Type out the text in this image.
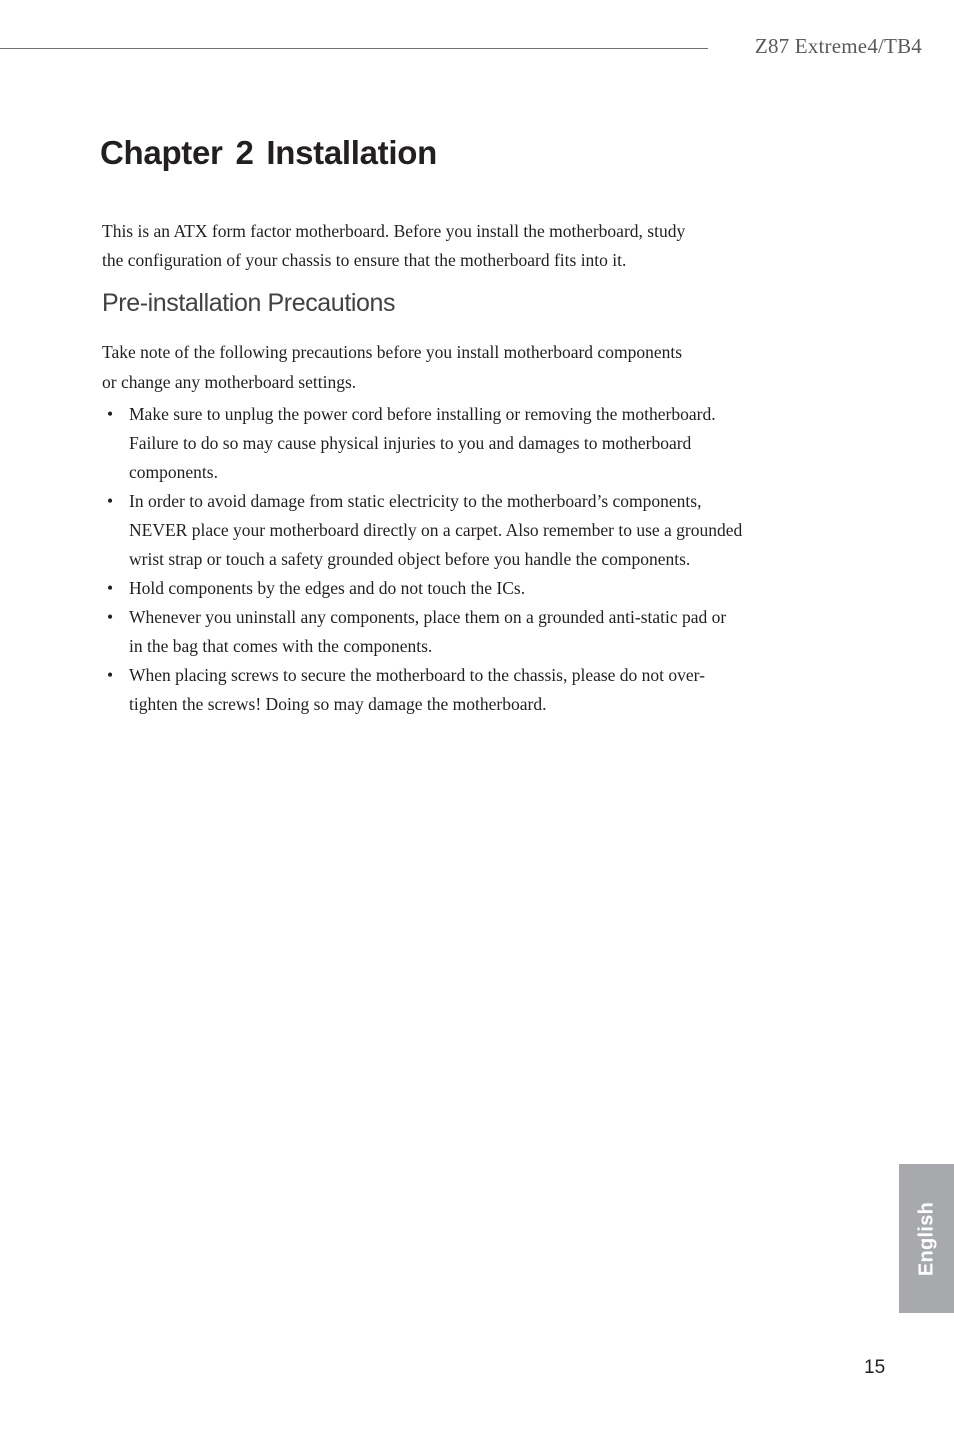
Z87 Extreme4/TB4
Chapter 2 Installation

This is an ATX form factor motherboard. Before you install the motherboard, study
the configuration of your chassis to ensure that the motherboard fits into it.

Pre-installation Precautions

Take note of the following precautions before you install motherboard components
or change any motherboard settings.

• Make sure to unplug the power cord before installing or removing the motherboard.
Failure to do so may cause physical injuries to you and damages to motherboard
components.
• In order to avoid damage from static electricity to the motherboard’s components,
NEVER place your motherboard directly on a carpet. Also remember to use a grounded
wrist strap or touch a safety grounded object before you handle the components.
• Hold components by the edges and do not touch the ICs.
• Whenever you uninstall any components, place them on a grounded anti-static pad or
in the bag that comes with the components.
• When placing screws to secure the motherboard to the chassis, please do not over-
tighten the screws! Doing so may damage the motherboard.
English
15
